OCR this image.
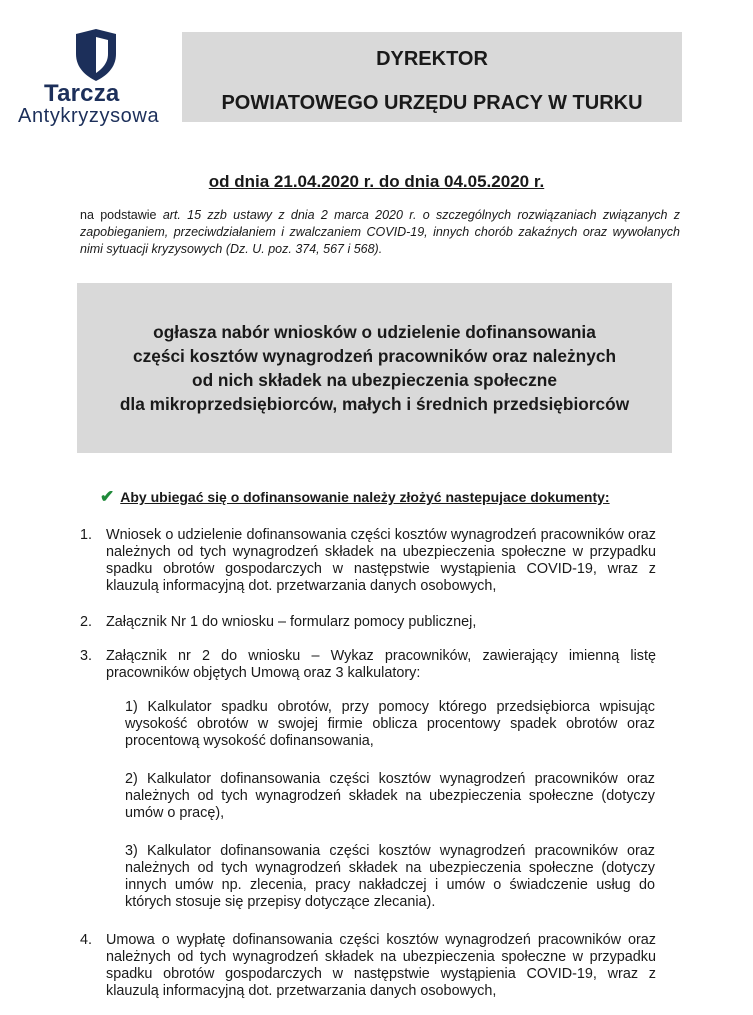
Tarcza
Antykryzysowa
DYREKTOR
POWIATOWEGO URZĘDU PRACY W TURKU
od dnia 21.04.2020 r. do dnia 04.05.2020 r.
na podstawie art. 15 zzb ustawy z dnia 2 marca 2020 r. o szczególnych rozwiązaniach związanych z zapobieganiem, przeciwdziałaniem i zwalczaniem COVID-19, innych chorób zakaźnych oraz wywołanych nimi sytuacji kryzysowych (Dz. U. poz. 374, 567 i 568).
ogłasza nabór wniosków o udzielenie dofinansowania
części kosztów wynagrodzeń pracowników oraz należnych
od nich składek na ubezpieczenia społeczne
dla mikroprzedsiębiorców, małych i średnich przedsiębiorców
✔ Aby ubiegać się o dofinansowanie należy złożyć nastepujace dokumenty:
1. Wniosek o udzielenie dofinansowania części kosztów wynagrodzeń pracowników oraz należnych od tych wynagrodzeń składek na ubezpieczenia społeczne w przypadku spadku obrotów gospodarczych w następstwie wystąpienia COVID-19, wraz z klauzulą informacyjną dot. przetwarzania danych osobowych,
2. Załącznik Nr 1 do wniosku – formularz pomocy publicznej,
3. Załącznik nr 2 do wniosku – Wykaz pracowników, zawierający imienną listę pracowników objętych Umową oraz 3 kalkulatory:
1) Kalkulator spadku obrotów, przy pomocy którego przedsiębiorca wpisując wysokość obrotów w swojej firmie oblicza procentowy spadek obrotów oraz procentową wysokość dofinansowania,
2) Kalkulator dofinansowania części kosztów wynagrodzeń pracowników oraz należnych od tych wynagrodzeń składek na ubezpieczenia społeczne (dotyczy umów o pracę),
3) Kalkulator dofinansowania części kosztów wynagrodzeń pracowników oraz należnych od tych wynagrodzeń składek na ubezpieczenia społeczne (dotyczy innych umów np. zlecenia, pracy nakładczej i umów o świadczenie usług do których stosuje się przepisy dotyczące zlecania).
4. Umowa o wypłatę dofinansowania części kosztów wynagrodzeń pracowników oraz należnych od tych wynagrodzeń składek na ubezpieczenia społeczne w przypadku spadku obrotów gospodarczych w następstwie wystąpienia COVID-19, wraz z klauzulą informacyjną dot. przetwarzania danych osobowych,
